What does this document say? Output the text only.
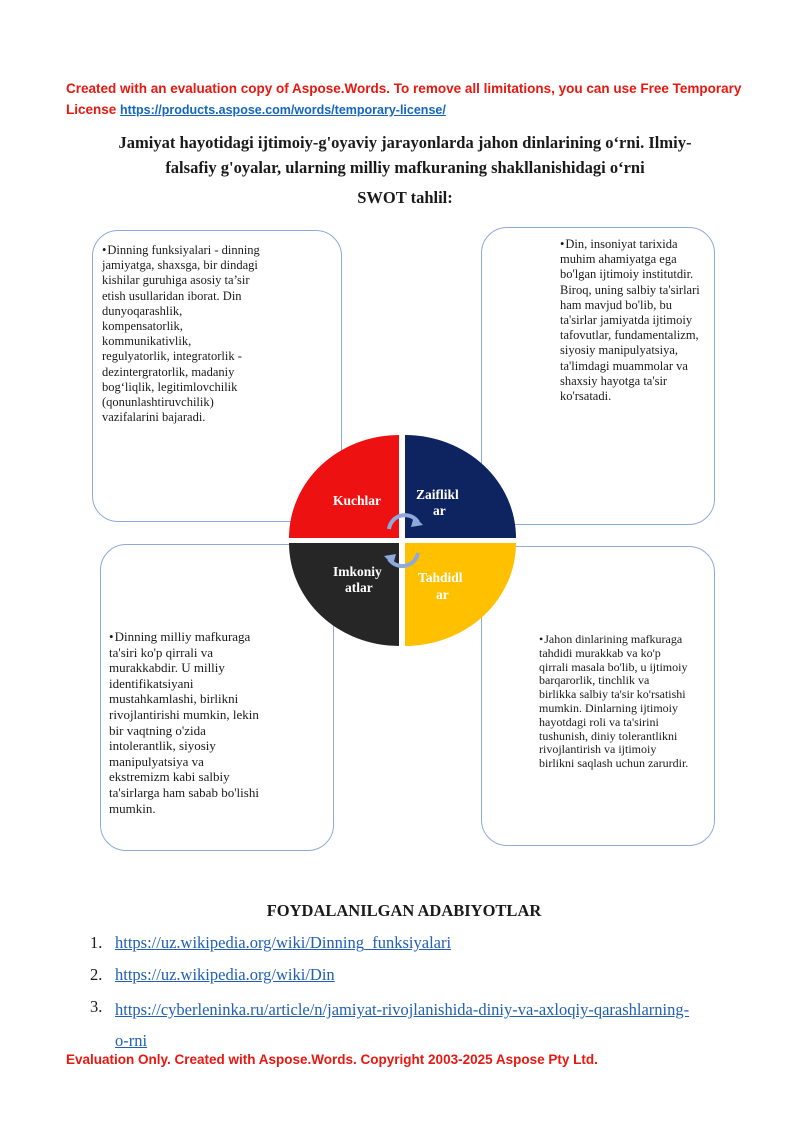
Created with an evaluation copy of Aspose.Words. To remove all limitations, you can use Free Temporary License https://products.aspose.com/words/temporary-license/
Jamiyat hayotidagi ijtimoiy-g'oyaviy jarayonlarda jahon dinlarining o‘rni. Ilmiy-
falsafiy g'oyalar, ularning milliy mafkuraning shakllanishidagi o‘rni
SWOT tahlil:

•Dinning funksiyalari - dinning jamiyatga, shaxsga, bir dindagi kishilar guruhiga asosiy ta’sir etish usullaridan iborat. Din dunyoqarashlik, kompensatorlik, kommunikativlik, regulyatorlik, integratorlik - dezintergratorlik, madaniy bog‘liqlik, legitimlovchilik (qonunlashtiruvchilik) vazifalarini bajaradi.

•Din, insoniyat tarixida muhim ahamiyatga ega bo'lgan ijtimoiy institutdir. Biroq, uning salbiy ta'sirlari ham mavjud bo'lib, bu ta'sirlar jamiyatda ijtimoiy tafovutlar, fundamentalizm, siyosiy manipulyatsiya, ta'limdagi muammolar va shaxsiy hayotga ta'sir ko'rsatadi.

•Dinning milliy mafkuraga ta'siri ko'p qirrali va murakkabdir. U milliy identifikatsiyani mustahkamlashi, birlikni rivojlantirishi mumkin, lekin bir vaqtning o'zida intolerantlik, siyosiy manipulyatsiya va ekstremizm kabi salbiy ta'sirlarga ham sabab bo'lishi mumkin.

•Jahon dinlarining mafkuraga tahdidi murakkab va ko'p qirrali masala bo'lib, u ijtimoiy barqarorlik, tinchlik va birlikka salbiy ta'sir ko'rsatishi mumkin. Dinlarning ijtimoiy hayotdagi roli va ta'sirini tushunish, diniy tolerantlikni rivojlantirish va ijtimoiy birlikni saqlash uchun zarurdir.

Kuchlar	Zaiflikl
ar
Imkoniy
atlar
Tahdidl
ar
FOYDALANILGAN ADABIYOTLAR
1. https://uz.wikipedia.org/wiki/Dinning_funksiyalari
2. https://uz.wikipedia.org/wiki/Din
3. https://cyberleninka.ru/article/n/jamiyat-rivojlanishida-diniy-va-axloqiy-qarashlarning-o-rni
Evaluation Only. Created with Aspose.Words. Copyright 2003-2025 Aspose Pty Ltd.
